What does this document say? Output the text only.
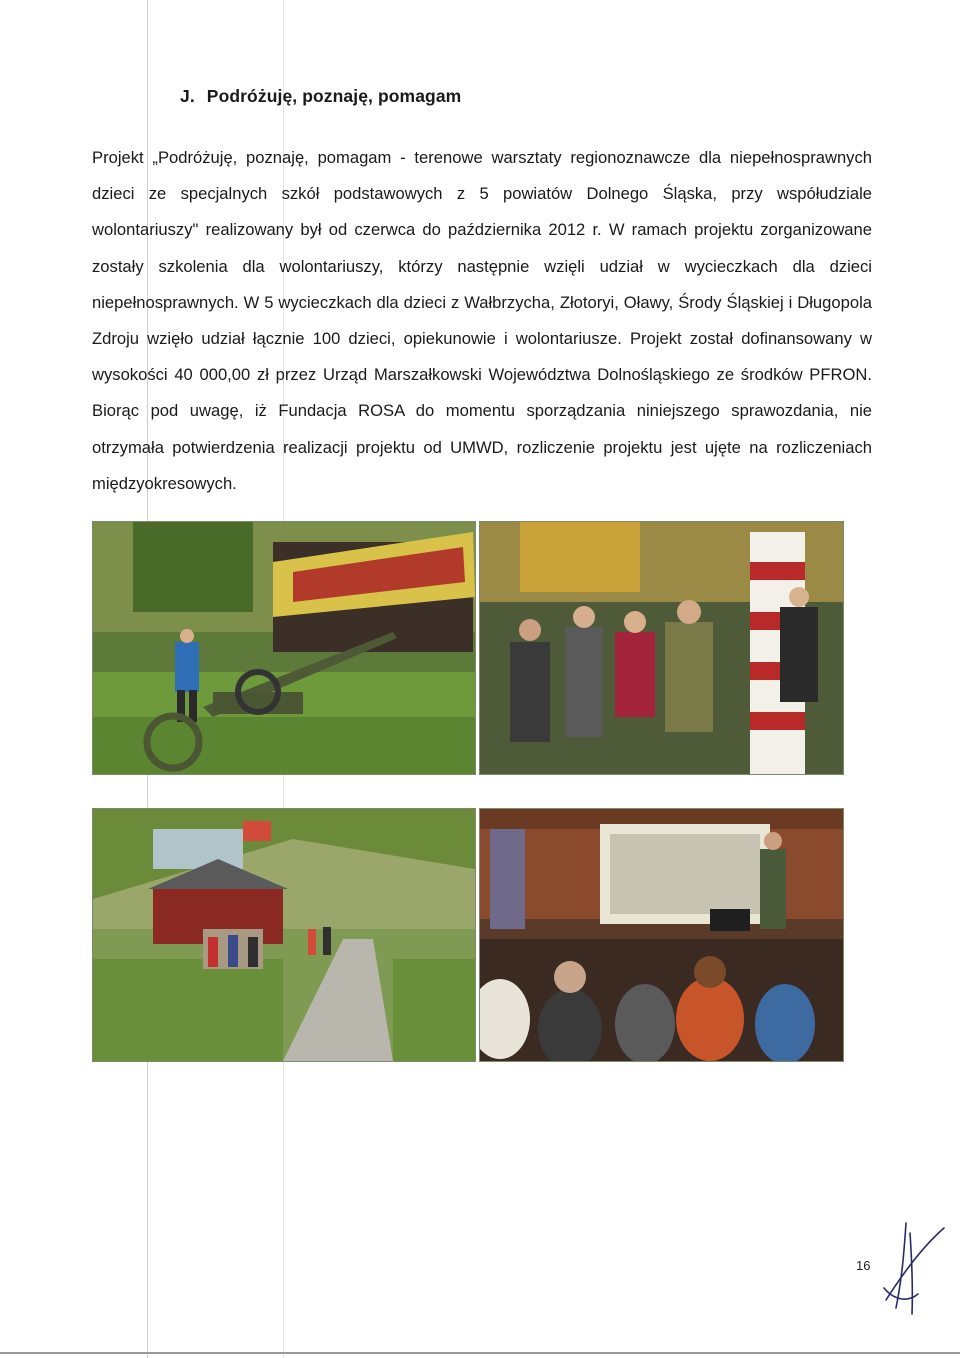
J. Podróżuję, poznaję, pomagam

Projekt „Podróżuję, poznaję, pomagam - terenowe warsztaty regionoznawcze dla niepełnosprawnych dzieci ze specjalnych szkół podstawowych z 5 powiatów Dolnego Śląska, przy współudziale wolontariuszy" realizowany był od czerwca do października 2012 r. W ramach projektu zorganizowane zostały szkolenia dla wolontariuszy, którzy następnie wzięli udział w wycieczkach dla dzieci niepełnosprawnych. W 5 wycieczkach dla dzieci z Wałbrzycha, Złotoryi, Oławy, Środy Śląskiej i Długopola Zdroju wzięło udział łącznie 100 dzieci, opiekunowie i wolontariusze. Projekt został dofinansowany w wysokości 40 000,00 zł przez Urząd Marszałkowski Województwa Dolnośląskiego ze środków PFRON. Biorąc pod uwagę, iż Fundacja ROSA do momentu sporządzania niniejszego sprawozdania, nie otrzymała potwierdzenia realizacji projektu od UMWD, rozliczenie projektu jest ujęte na rozliczeniach międzyokresowych.

16
